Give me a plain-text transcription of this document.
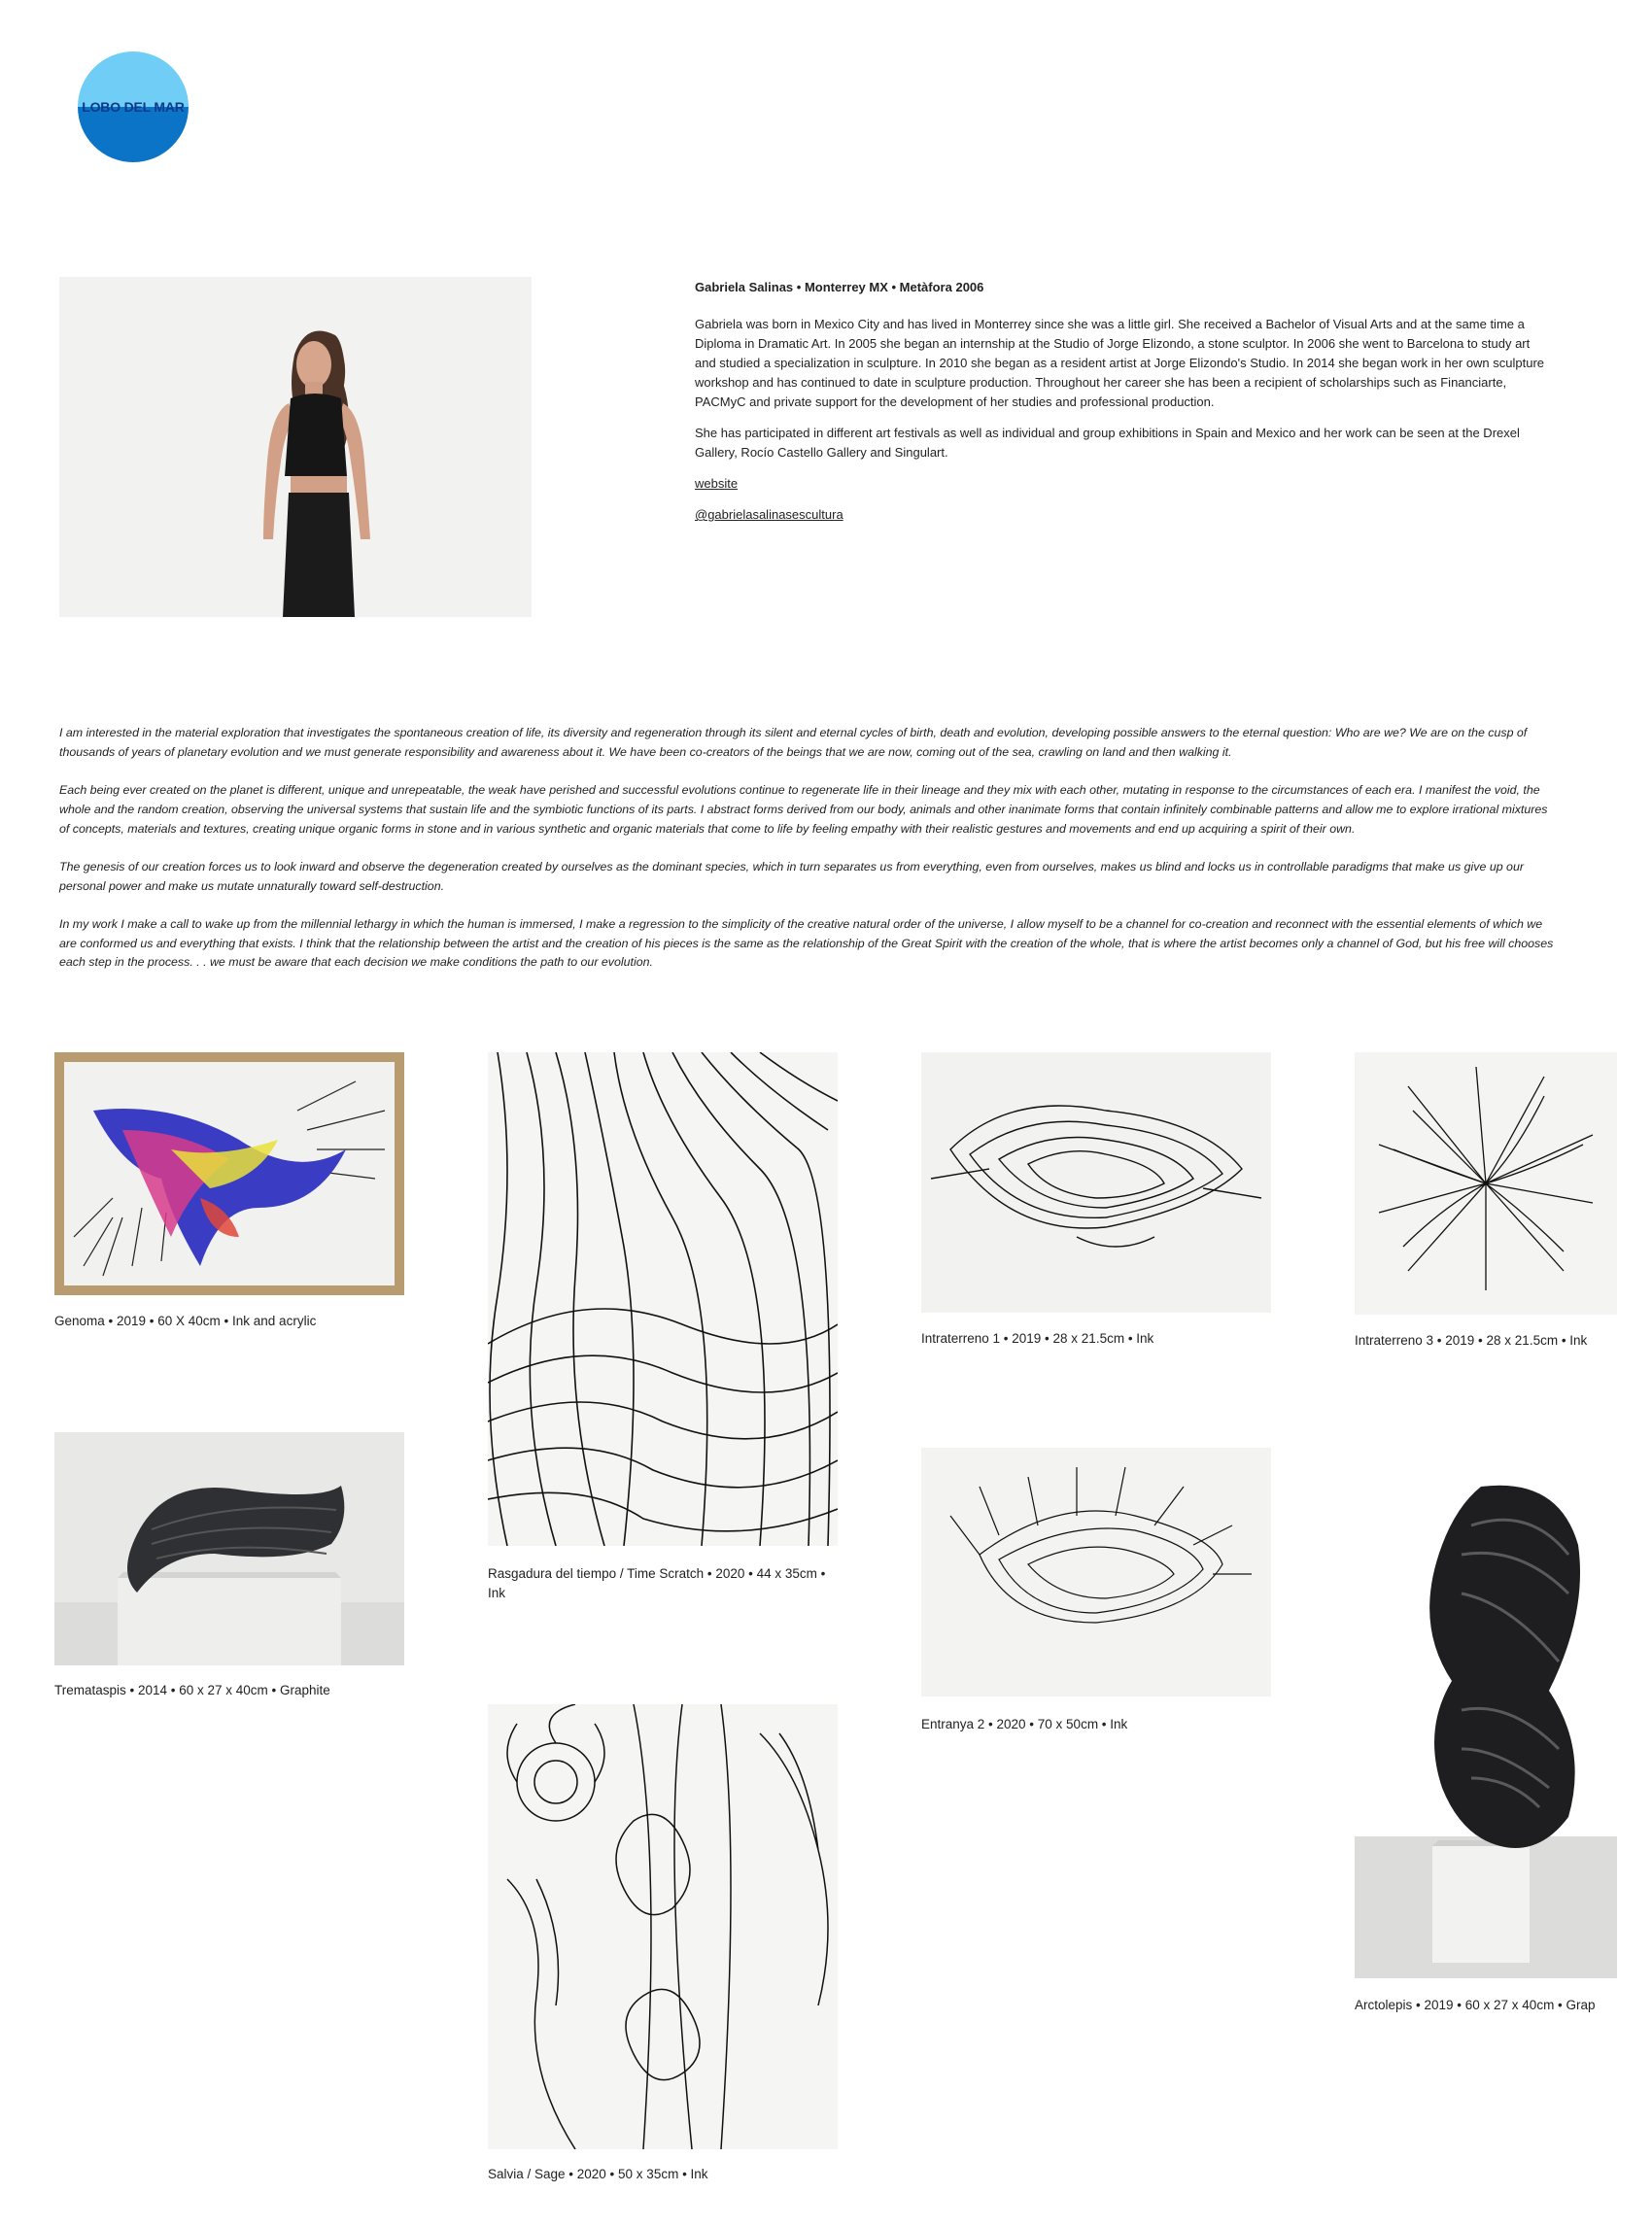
LOBO DEL MAR
Gabriela Salinas • Monterrey MX • Metàfora 2006

Gabriela was born in Mexico City and has lived in Monterrey since she was a little girl. She received a Bachelor of Visual Arts and at the same time a Diploma in Dramatic Art. In 2005 she began an internship at the Studio of Jorge Elizondo, a stone sculptor. In 2006 she went to Barcelona to study art and studied a specialization in sculpture. In 2010 she began as a resident artist at Jorge Elizondo's Studio. In 2014 she began work in her own sculpture workshop and has continued to date in sculpture production. Throughout her career she has been a recipient of scholarships such as Financiarte, PACMyC and private support for the development of her studies and professional production.

She has participated in different art festivals as well as individual and group exhibitions in Spain and Mexico and her work can be seen at the Drexel Gallery, Rocío Castello Gallery and Singulart.

website
@gabrielasalinasescultura

I am interested in the material exploration that investigates the spontaneous creation of life, its diversity and regeneration through its silent and eternal cycles of birth, death and evolution, developing possible answers to the eternal question: Who are we? We are on the cusp of thousands of years of planetary evolution and we must generate responsibility and awareness about it. We have been co-creators of the beings that we are now, coming out of the sea, crawling on land and then walking it.

Each being ever created on the planet is different, unique and unrepeatable, the weak have perished and successful evolutions continue to regenerate life in their lineage and they mix with each other, mutating in response to the circumstances of each era. I manifest the void, the whole and the random creation, observing the universal systems that sustain life and the symbiotic functions of its parts. I abstract forms derived from our body, animals and other inanimate forms that contain infinitely combinable patterns and allow me to explore irrational mixtures of concepts, materials and textures, creating unique organic forms in stone and in various synthetic and organic materials that come to life by feeling empathy with their realistic gestures and movements and end up acquiring a spirit of their own.

The genesis of our creation forces us to look inward and observe the degeneration created by ourselves as the dominant species, which in turn separates us from everything, even from ourselves, makes us blind and locks us in controllable paradigms that make us give up our personal power and make us mutate unnaturally toward self-destruction.

In my work I make a call to wake up from the millennial lethargy in which the human is immersed, I make a regression to the simplicity of the creative natural order of the universe, I allow myself to be a channel for co-creation and reconnect with the essential elements of which we are conformed us and everything that exists. I think that the relationship between the artist and the creation of his pieces is the same as the relationship of the Great Spirit with the creation of the whole, that is where the artist becomes only a channel of God, but his free will chooses each step in the process. . . we must be aware that each decision we make conditions the path to our evolution.

Genoma • 2019 • 60 X 40cm • Ink and acrylic
Rasgadura del tiempo / Time Scratch • 2020 • 44 x 35cm • Ink
Intraterreno 1 • 2019 • 28 x 21.5cm • Ink	Intraterreno 3 • 2019 • 28 x 21.5cm • Ink
Tremataspis • 2014 • 60 x 27 x 40cm • Graphite
Entranya 2 • 2020 • 70 x 50cm • Ink
Arctolepis • 2019 • 60 x 27 x 40cm • Grap
Salvia / Sage • 2020 • 50 x 35cm • Ink
